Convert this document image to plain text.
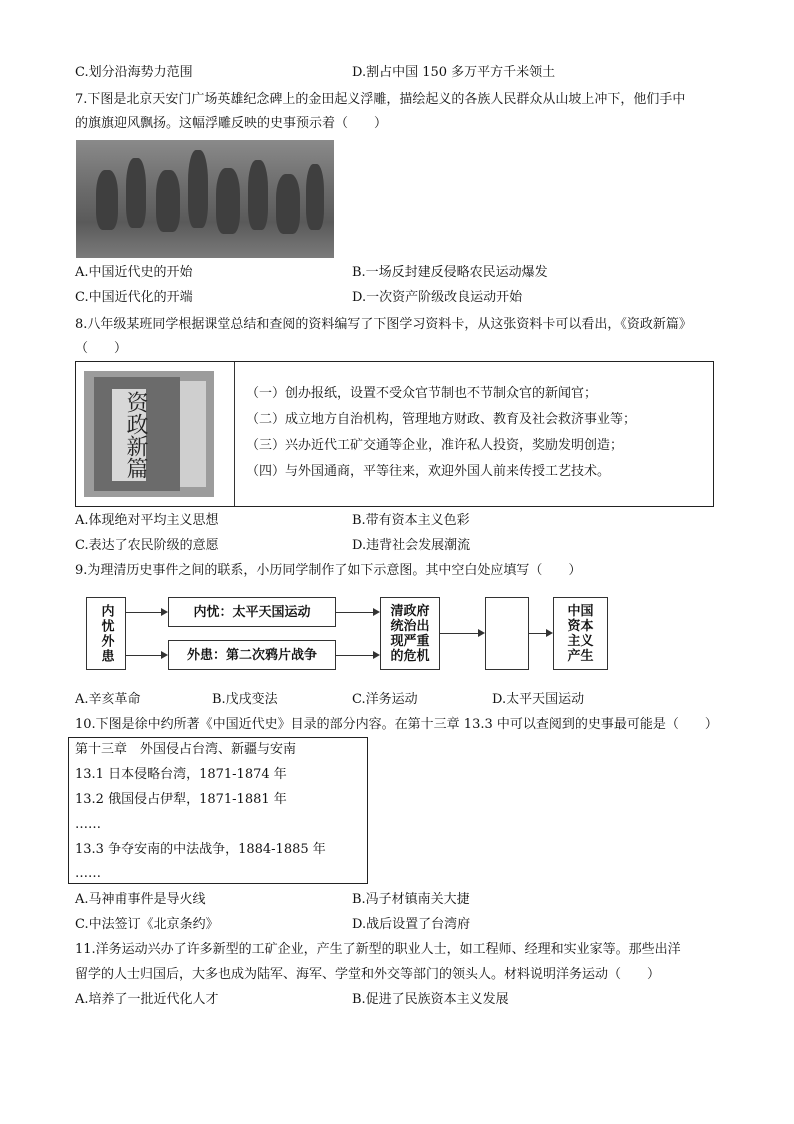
C.划分沿海势力范围	D.割占中国 150 多万平方千米领土
7.下图是北京天安门广场英雄纪念碑上的金田起义浮雕，描绘起义的各族人民群众从山坡上冲下，他们手中
的旗旗迎风飘扬。这幅浮雕反映的史事预示着（　　）
A.中国近代史的开始	B.一场反封建反侵略农民运动爆发
C.中国近代化的开端	D.一次资产阶级改良运动开始
8.八年级某班同学根据课堂总结和查阅的资料编写了下图学习资料卡，从这张资料卡可以看出，《资政新篇》
（　　）
资政新篇	（一）创办报纸，设置不受众官节制也不节制众官的新闻官；
（二）成立地方自治机构，管理地方财政、教育及社会救济事业等；
（三）兴办近代工矿交通等企业，准许私人投资，奖励发明创造；
（四）与外国通商，平等往来，欢迎外国人前来传授工艺技术。
A.体现绝对平均主义思想	B.带有资本主义色彩
C.表达了农民阶级的意愿	D.违背社会发展潮流
9.为理清历史事件之间的联系，小历同学制作了如下示意图。其中空白处应填写（　　）
内忧外患	内忧：太平天国运动
外患：第二次鸦片战争
清政府统治出现严重的危机
中国资本主义产生
A.辛亥革命	B.戊戌变法	C.洋务运动	D.太平天国运动
10.下图是徐中约所著《中国近代史》目录的部分内容。在第十三章 13.3 中可以查阅到的史事最可能是（　　）
第十三章　外国侵占台湾、新疆与安南
13.1 日本侵略台湾，1871-1874 年
13.2 俄国侵占伊犁，1871-1881 年
……
13.3 争夺安南的中法战争，1884-1885 年
……
A.马神甫事件是导火线	B.冯子材镇南关大捷
C.中法签订《北京条约》	D.战后设置了台湾府
11.洋务运动兴办了许多新型的工矿企业，产生了新型的职业人士，如工程师、经理和实业家等。那些出洋
留学的人士归国后，大多也成为陆军、海军、学堂和外交等部门的领头人。材料说明洋务运动（　　）
A.培养了一批近代化人才	B.促进了民族资本主义发展
